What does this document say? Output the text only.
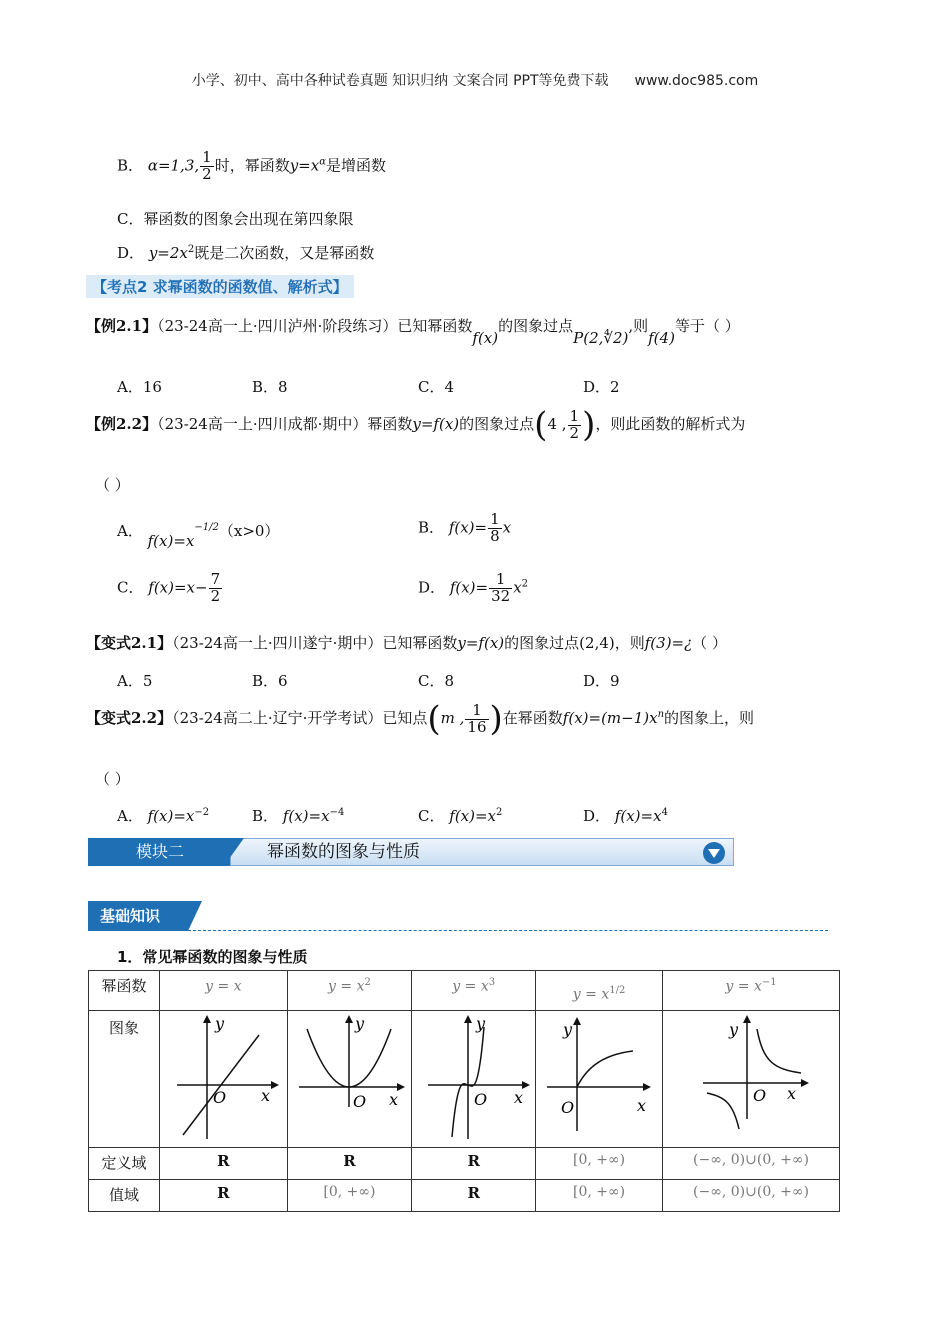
小学、初中、高中各种试卷真题 知识归纳 文案合同 PPT等免费下载 www.doc985.com
B． α=1,3, $\frac{1}{2}$ 时，幂函数$y=x^\alpha$是增函数
C．幂函数的图象会出现在第四象限
D． $y=2x^2$既是二次函数，又是幂函数
【考点2 求幂函数的函数值、解析式】
【例2.1】（23-24高一上·四川泸州·阶段练习）已知幂函数f(x)的图象过点P(2,∜2),则f(4)等于（ ）
A．16	B．8	C．4	D．2
【例2.2】（23-24高一上·四川成都·期中）幂函数y=f(x)的图象过点(4 , $\frac{1}{2}$ )，则此函数的解析式为
（ ）
A． $f(x)=x^{-1/2}(x>0)$	B． $f(x)= \frac{1}{8}$ x
C． $f(x)=x- \frac{7}{2}$	D． $f(x)= \frac{1}{32} x^2$
【变式2.1】（23-24高一上·四川遂宁·期中）已知幂函数y=f(x)的图象过点(2,4)，则f(3)=¿（ ）
A．5	B．6	C．8	D．9
【变式2.2】（23-24高二上·辽宁·开学考试）已知点(m , $\frac{1}{16}$ )在幂函数$f(x)=(m-1)x^n$的图象上，则
（ ）
A． $f(x)=x^{-2}$	B． $f(x)=x^{-4}$	C． $f(x)=x^2$	D． $f(x)=x^4$
模块二	幂函数的图象与性质
基础知识
1．常见幂函数的图象与性质
幂函数	y = x	$y = x^2$	$y = x^3$	$y = x^{1/2}$	$y = x^{-1}$
图象	y
x
O	y
x
O	y
x
O	y
x
O	y
x
O

定义域	R	R	R	[0, +∞)	(−∞, 0)∪(0, +∞)
值域	R	[0, +∞)	R	[0, +∞)	(−∞, 0)∪(0, +∞)
